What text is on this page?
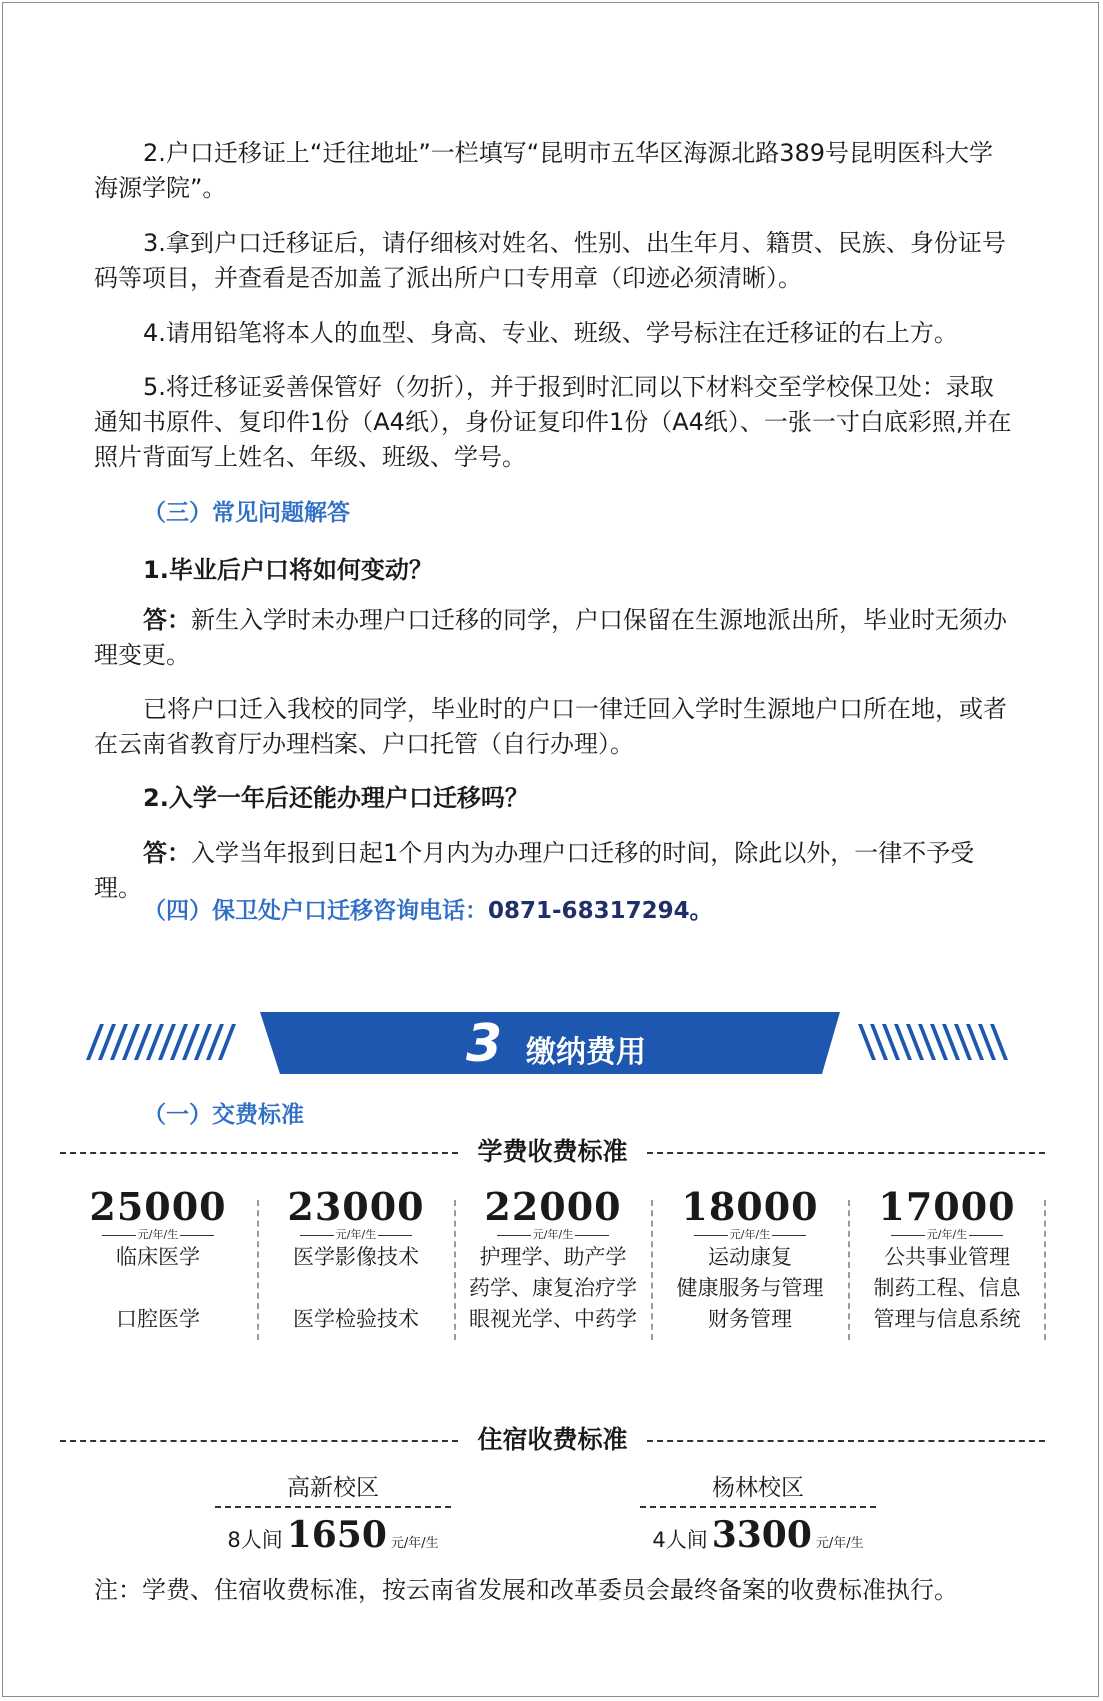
2.户口迁移证上“迁往地址”一栏填写“昆明市五华区海源北路389号昆明医科大学海源学院”。

3.拿到户口迁移证后，请仔细核对姓名、性别、出生年月、籍贯、民族、身份证号码等项目，并查看是否加盖了派出所户口专用章（印迹必须清晰）。

4.请用铅笔将本人的血型、身高、专业、班级、学号标注在迁移证的右上方。

5.将迁移证妥善保管好（勿折），并于报到时汇同以下材料交至学校保卫处：录取通知书原件、复印件1份（A4纸），身份证复印件1份（A4纸）、一张一寸白底彩照,并在照片背面写上姓名、年级、班级、学号。

（三）常见问题解答

1.毕业后户口将如何变动？

答：新生入学时未办理户口迁移的同学，户口保留在生源地派出所，毕业时无须办理变更。

已将户口迁入我校的同学，毕业时的户口一律迁回入学时生源地户口所在地，或者在云南省教育厅办理档案、户口托管（自行办理）。

2.入学一年后还能办理户口迁移吗？

答：入学当年报到日起1个月内为办理户口迁移的时间，除此以外，一律不予受理。

（四）保卫处户口迁移咨询电话：0871-68317294。

3 缴纳费用

（一）交费标准

学费收费标准
25000
元/年/生
临床医学

口腔医学
23000
元/年/生
医学影像技术

医学检验技术
22000
元/年/生
护理学、助产学
药学、康复治疗学
眼视光学、中药学
18000
元/年/生
运动康复
健康服务与管理
财务管理
17000
元/年/生
公共事业管理
制药工程、信息
管理与信息系统
住宿收费标准
高新校区
8人间 1650 元/年/生
杨林校区
4人间 3300 元/年/生

注：学费、住宿收费标准，按云南省发展和改革委员会最终备案的收费标准执行。
